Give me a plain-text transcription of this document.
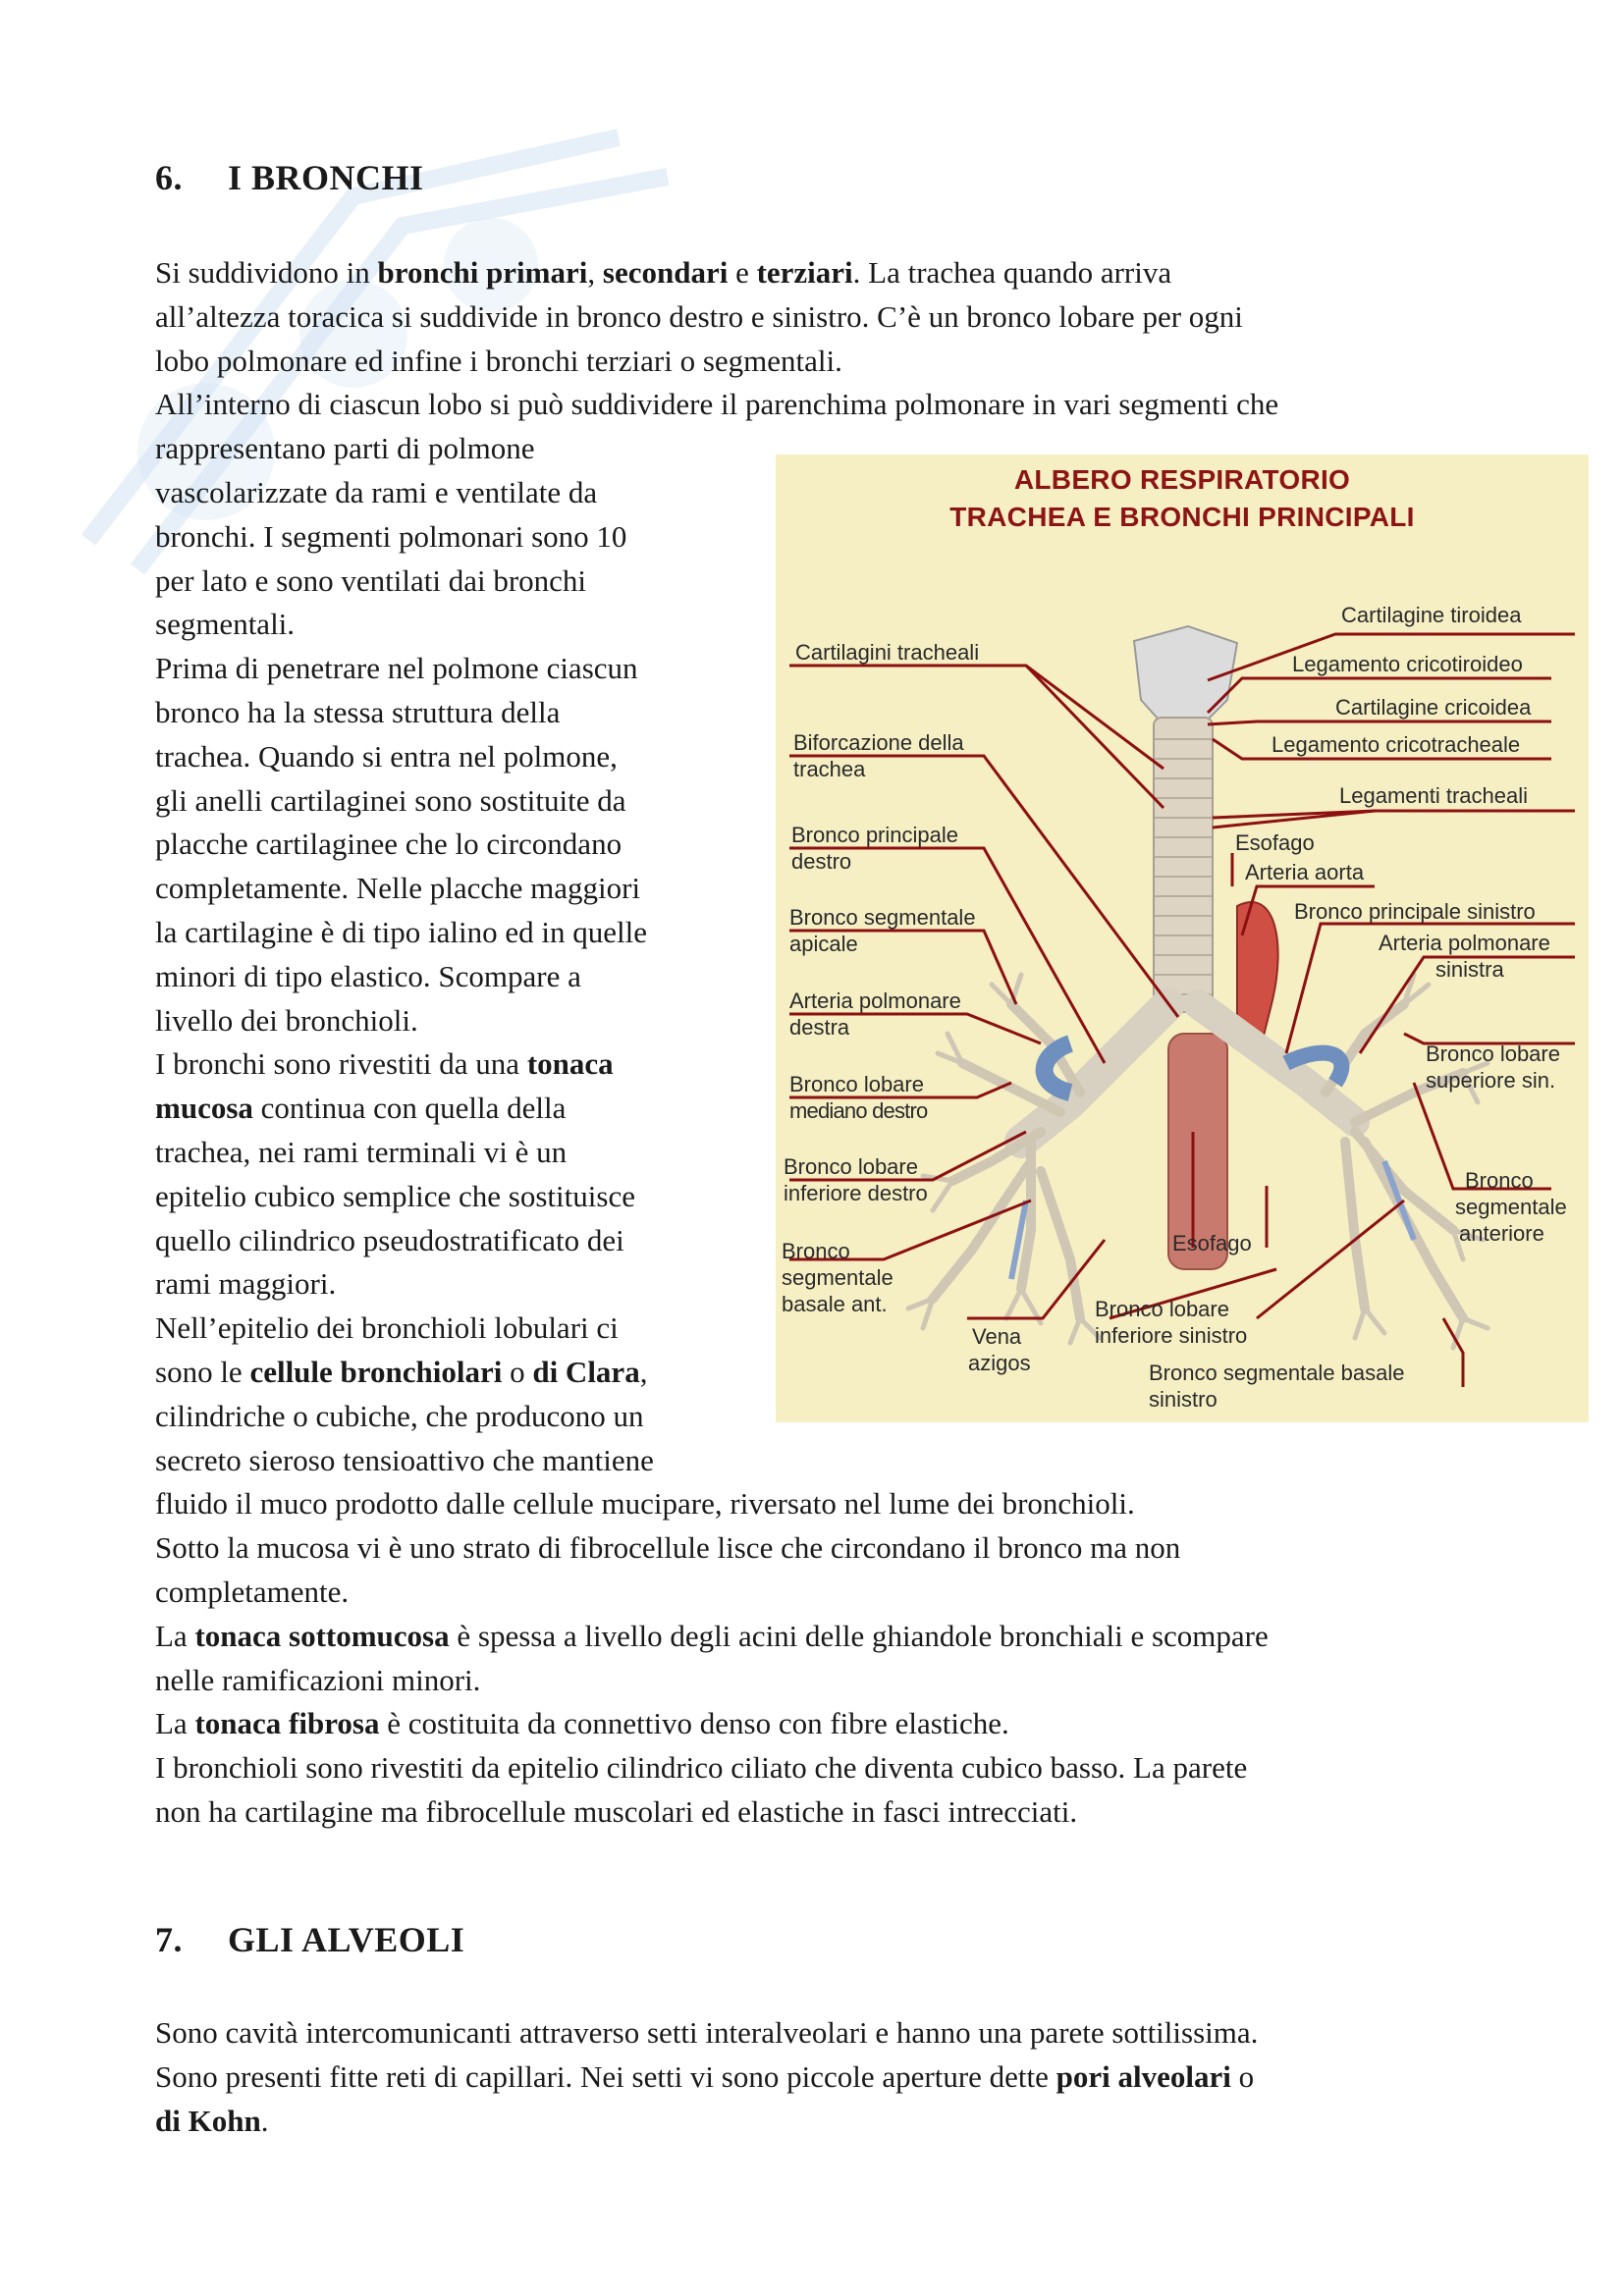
6. I BRONCHI
Si suddividono in bronchi primari, secondari e terziari. La trachea quando arriva
all’altezza toracica si suddivide in bronco destro e sinistro. C’è un bronco lobare per ogni
lobo polmonare ed infine i bronchi terziari o segmentali.
All’interno di ciascun lobo si può suddividere il parenchima polmonare in vari segmenti che
rappresentano parti di polmone
vascolarizzate da rami e ventilate da
bronchi. I segmenti polmonari sono 10
per lato e sono ventilati dai bronchi
segmentali.
Prima di penetrare nel polmone ciascun
bronco ha la stessa struttura della
trachea. Quando si entra nel polmone,
gli anelli cartilaginei sono sostituite da
placche cartilaginee che lo circondano
completamente. Nelle placche maggiori
la cartilagine è di tipo ialino ed in quelle
minori di tipo elastico. Scompare a
livello dei bronchioli.
I bronchi sono rivestiti da una tonaca
mucosa continua con quella della
trachea, nei rami terminali vi è un
epitelio cubico semplice che sostituisce
quello cilindrico pseudostratificato dei
rami maggiori.
Nell’epitelio dei bronchioli lobulari ci
sono le cellule bronchiolari o di Clara,
cilindriche o cubiche, che producono un
secreto sieroso tensioattivo che mantiene
fluido il muco prodotto dalle cellule mucipare, riversato nel lume dei bronchioli.
Sotto la mucosa vi è uno strato di fibrocellule lisce che circondano il bronco ma non
completamente.
La tonaca sottomucosa è spessa a livello degli acini delle ghiandole bronchiali e scompare
nelle ramificazioni minori.
La tonaca fibrosa è costituita da connettivo denso con fibre elastiche.
I bronchioli sono rivestiti da epitelio cilindrico ciliato che diventa cubico basso. La parete
non ha cartilagine ma fibrocellule muscolari ed elastiche in fasci intrecciati.
ALBERO RESPIRATORIO
TRACHEA E BRONCHI PRINCIPALI
Cartilagini tracheali
Biforcazione della
trachea
Bronco principale
destro
Bronco segmentale
apicale
Arteria polmonare
destra
Bronco lobare
mediano destro
Bronco lobare
inferiore destro
Bronco
segmentale
basale ant.
Vena
azigos
Cartilagine tiroidea
Legamento cricotiroideo
Cartilagine cricoidea
Legamento cricotracheale
Legamenti tracheali
Esofago
Arteria aorta
Bronco principale sinistro
Arteria polmonare
sinistra
Bronco lobare
superiore sin.
Bronco
segmentale
anteriore
Esofago
Bronco lobare
inferiore sinistro
Bronco segmentale basale
sinistro
7. GLI ALVEOLI
Sono cavità intercomunicanti attraverso setti interalveolari e hanno una parete sottilissima.
Sono presenti fitte reti di capillari. Nei setti vi sono piccole aperture dette pori alveolari o
di Kohn.
